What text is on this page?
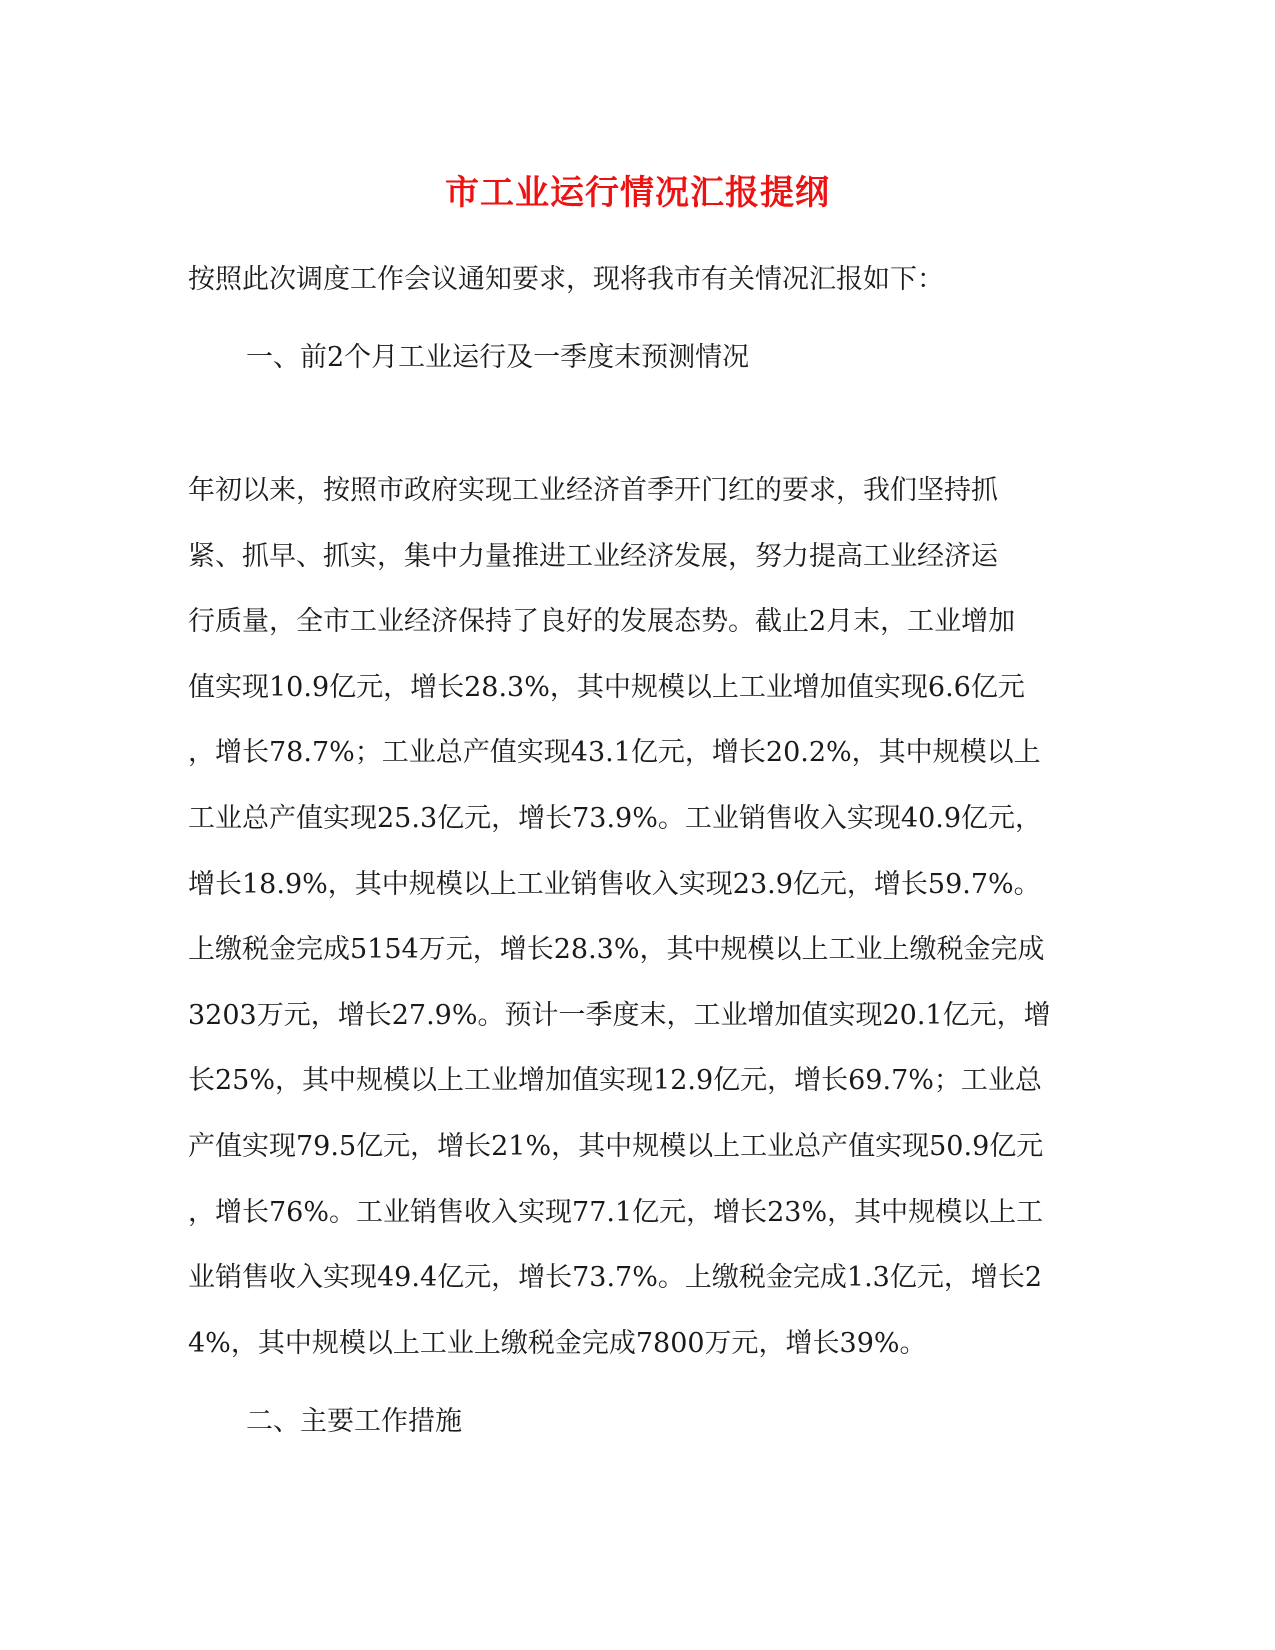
市工业运行情况汇报提纲
按照此次调度工作会议通知要求，现将我市有关情况汇报如下：
一、前2个月工业运行及一季度末预测情况
年初以来，按照市政府实现工业经济首季开门红的要求，我们坚持抓
紧、抓早、抓实，集中力量推进工业经济发展，努力提高工业经济运
行质量，全市工业经济保持了良好的发展态势。截止2月末，工业增加
值实现10.9亿元，增长28.3%，其中规模以上工业增加值实现6.6亿元
，增长78.7%；工业总产值实现43.1亿元，增长20.2%，其中规模以上
工业总产值实现25.3亿元，增长73.9%。工业销售收入实现40.9亿元，
增长18.9%，其中规模以上工业销售收入实现23.9亿元，增长59.7%。
上缴税金完成5154万元，增长28.3%，其中规模以上工业上缴税金完成
3203万元，增长27.9%。预计一季度末，工业增加值实现20.1亿元，增
长25%，其中规模以上工业增加值实现12.9亿元，增长69.7%；工业总
产值实现79.5亿元，增长21%，其中规模以上工业总产值实现50.9亿元
，增长76%。工业销售收入实现77.1亿元，增长23%，其中规模以上工
业销售收入实现49.4亿元，增长73.7%。上缴税金完成1.3亿元，增长2
4%，其中规模以上工业上缴税金完成7800万元，增长39%。
二、主要工作措施
